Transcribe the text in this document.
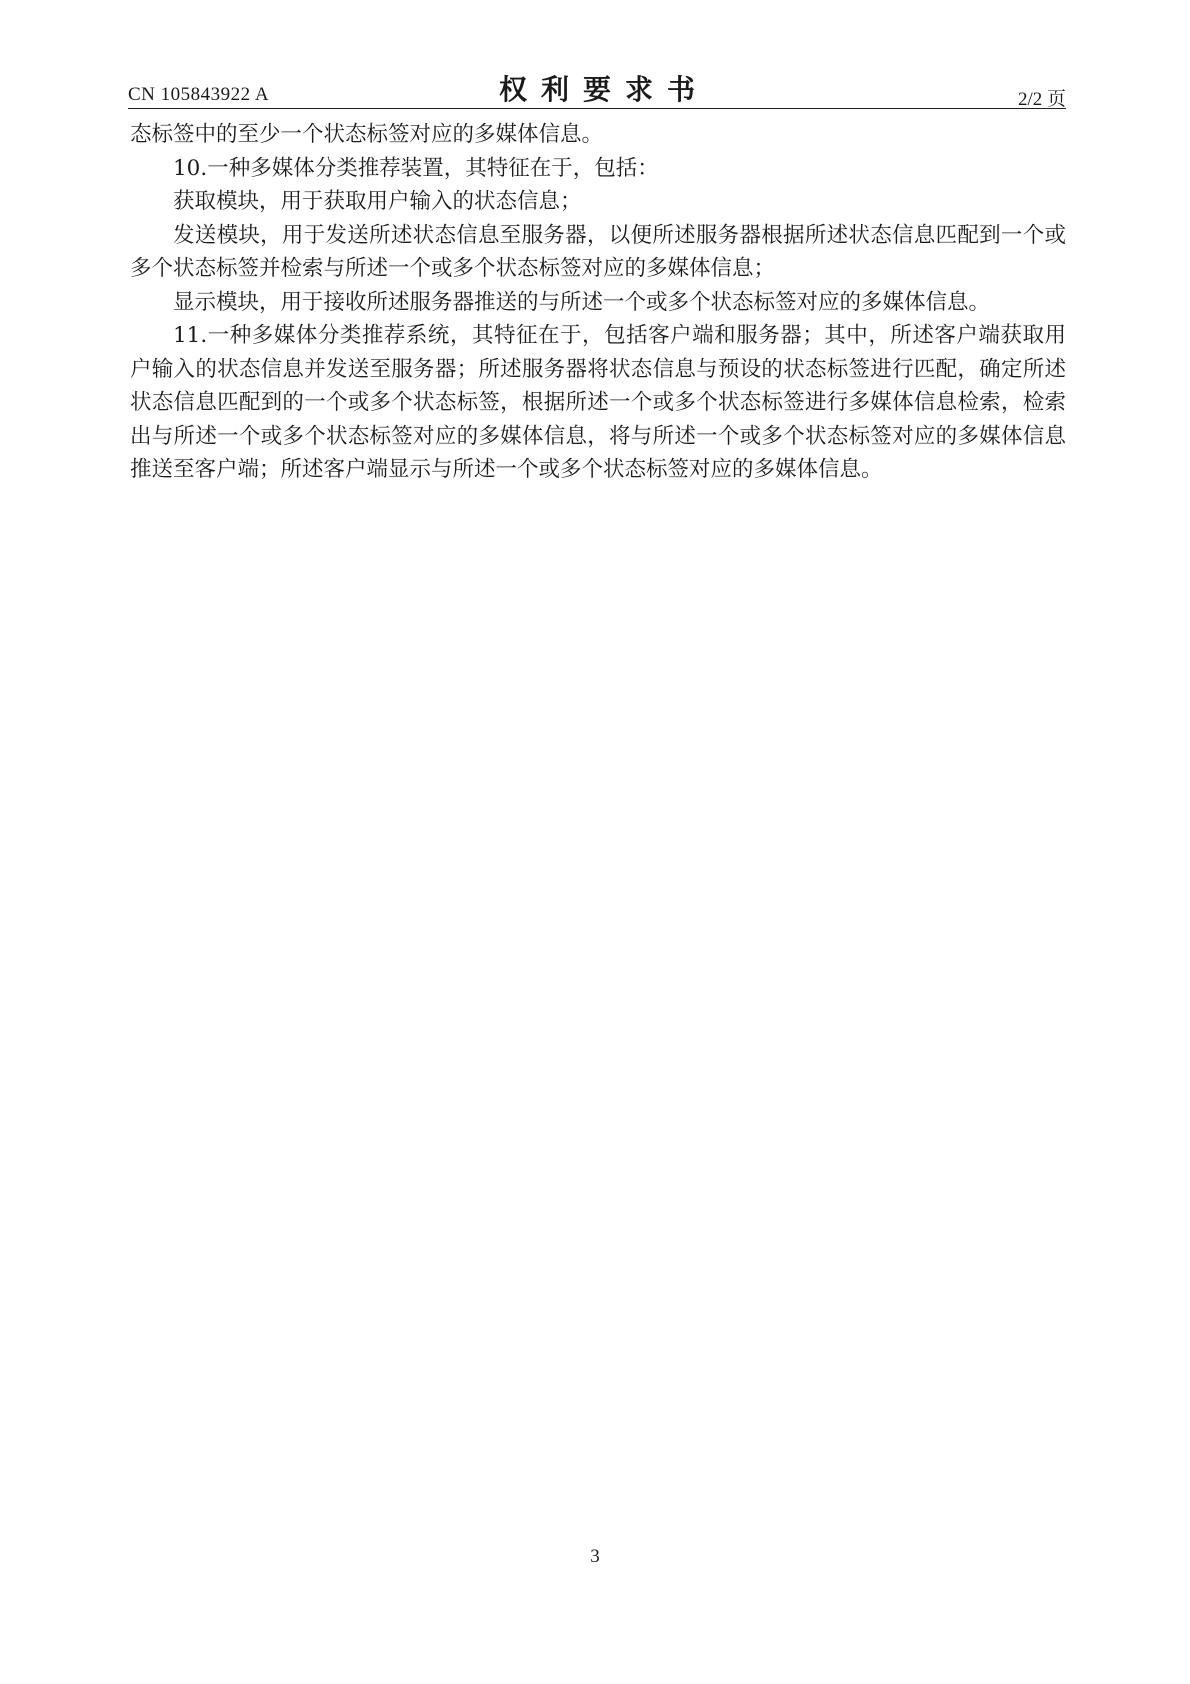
CN 105843922 A	权利要求书	2/2 页

态标签中的至少一个状态标签对应的多媒体信息。

10.一种多媒体分类推荐装置，其特征在于，包括：

获取模块，用于获取用户输入的状态信息；

发送模块，用于发送所述状态信息至服务器，以便所述服务器根据所述状态信息匹配到一个或多个状态标签并检索与所述一个或多个状态标签对应的多媒体信息；

显示模块，用于接收所述服务器推送的与所述一个或多个状态标签对应的多媒体信息。

11.一种多媒体分类推荐系统，其特征在于，包括客户端和服务器；其中，所述客户端获取用户输入的状态信息并发送至服务器；所述服务器将状态信息与预设的状态标签进行匹配，确定所述状态信息匹配到的一个或多个状态标签，根据所述一个或多个状态标签进行多媒体信息检索，检索出与所述一个或多个状态标签对应的多媒体信息，将与所述一个或多个状态标签对应的多媒体信息推送至客户端；所述客户端显示与所述一个或多个状态标签对应的多媒体信息。

3
